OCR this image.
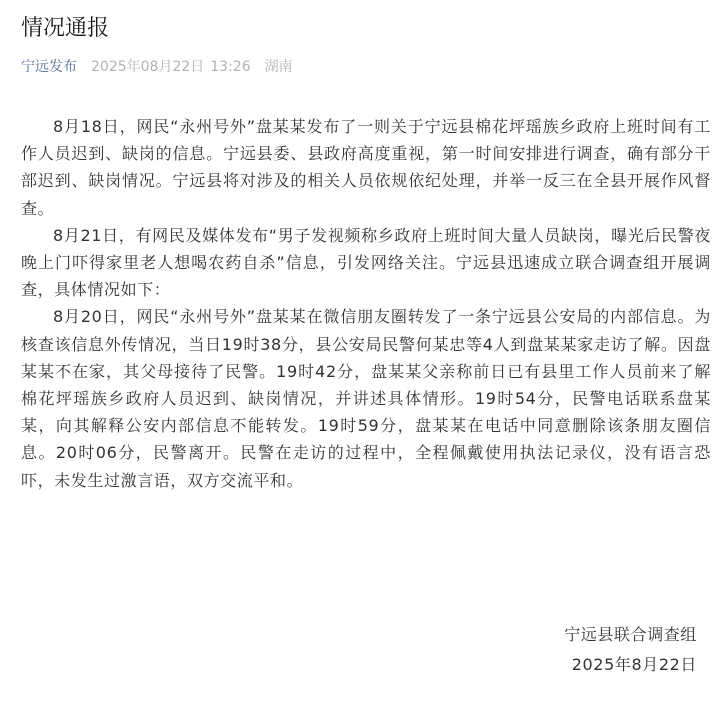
情况通报
宁远发布 2025年08月22日 13:26 湖南

8月18日，网民“永州号外”盘某某发布了一则关于宁远县棉花坪瑶族乡政府上班时间有工作人员迟到、缺岗的信息。宁远县委、县政府高度重视，第一时间安排进行调查，确有部分干部迟到、缺岗情况。宁远县将对涉及的相关人员依规依纪处理，并举一反三在全县开展作风督查。

8月21日，有网民及媒体发布“男子发视频称乡政府上班时间大量人员缺岗，曝光后民警夜晚上门吓得家里老人想喝农药自杀”信息，引发网络关注。宁远县迅速成立联合调查组开展调查，具体情况如下：

8月20日，网民“永州号外”盘某某在微信朋友圈转发了一条宁远县公安局的内部信息。为核查该信息外传情况，当日19时38分，县公安局民警何某忠等4人到盘某某家走访了解。因盘某某不在家，其父母接待了民警。19时42分，盘某某父亲称前日已有县里工作人员前来了解棉花坪瑶族乡政府人员迟到、缺岗情况，并讲述具体情形。19时54分，民警电话联系盘某某，向其解释公安内部信息不能转发。19时59分，盘某某在电话中同意删除该条朋友圈信息。20时06分，民警离开。民警在走访的过程中，全程佩戴使用执法记录仪，没有语言恐吓，未发生过激言语，双方交流平和。

宁远县联合调查组
2025年8月22日
